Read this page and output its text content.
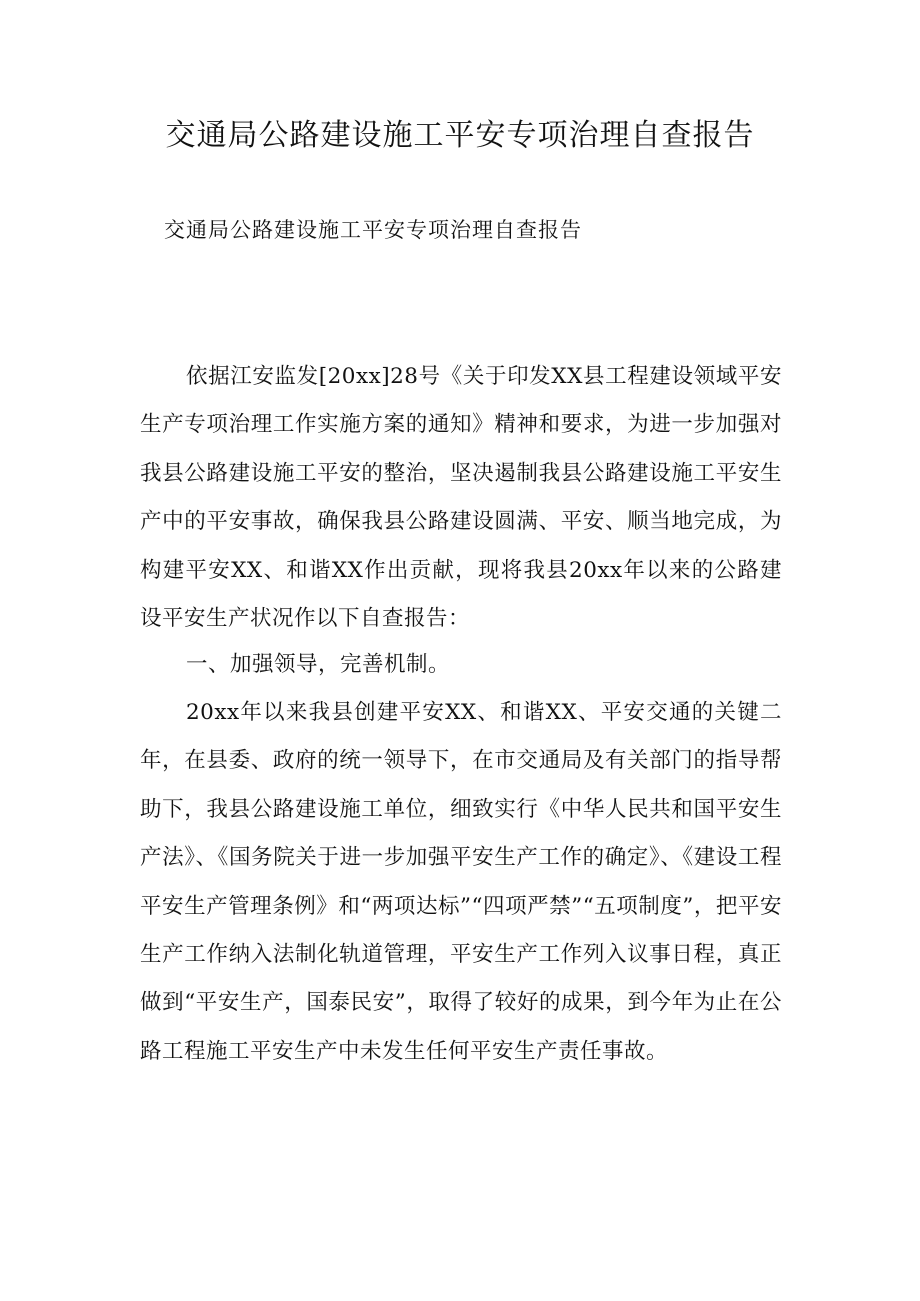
交通局公路建设施工平安专项治理自查报告

交通局公路建设施工平安专项治理自查报告

依据江安监发[20xx]28号《关于印发XX县工程建设领域平安生产专项治理工作实施方案的通知》精神和要求，为进一步加强对我县公路建设施工平安的整治，坚决遏制我县公路建设施工平安生产中的平安事故，确保我县公路建设圆满、平安、顺当地完成，为构建平安XX、和谐XX作出贡献，现将我县20xx年以来的公路建设平安生产状况作以下自查报告：

一、加强领导，完善机制。

20xx年以来我县创建平安XX、和谐XX、平安交通的关键二年，在县委、政府的统一领导下，在市交通局及有关部门的指导帮助下，我县公路建设施工单位，细致实行《中华人民共和国平安生产法》、《国务院关于进一步加强平安生产工作的确定》、《建设工程平安生产管理条例》和“两项达标”“四项严禁”“五项制度”，把平安生产工作纳入法制化轨道管理，平安生产工作列入议事日程，真正做到“平安生产，国泰民安”，取得了较好的成果，到今年为止在公路工程施工平安生产中未发生任何平安生产责任事故。
